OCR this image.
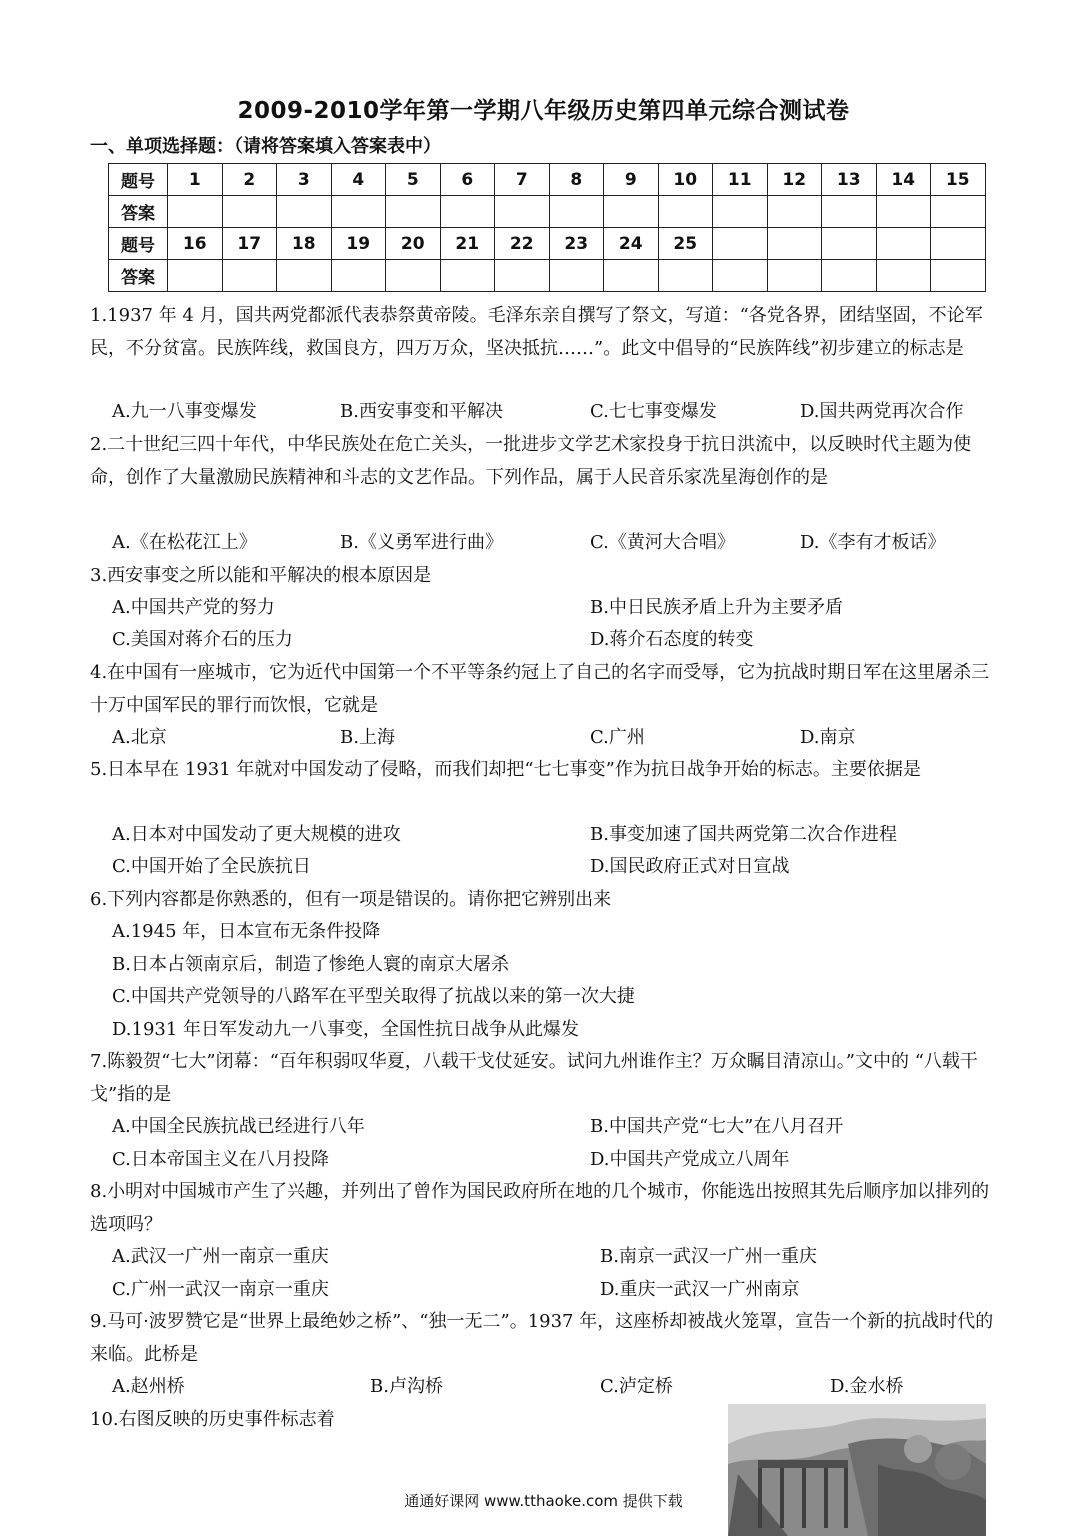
2009-2010学年第一学期八年级历史第四单元综合测试卷
一、单项选择题：（请将答案填入答案表中）
题号	1	2	3	4	5	6	7	8	9	10	11	12	13	14	15
答案															
题号	16	17	18	19	20	21	22	23	24	25					
答案															
1.1937 年 4 月，国共两党都派代表恭祭黄帝陵。毛泽东亲自撰写了祭文，写道：“各党各界，团结坚固，不论军民，不分贫富。民族阵线，救国良方，四万万众，坚决抵抗……”。此文中倡导的“民族阵线”初步建立的标志是
A.九一八事变爆发	B.西安事变和平解决	C.七七事变爆发	D.国共两党再次合作
2.二十世纪三四十年代，中华民族处在危亡关头，一批进步文学艺术家投身于抗日洪流中，以反映时代主题为使命，创作了大量激励民族精神和斗志的文艺作品。下列作品，属于人民音乐家冼星海创作的是
A.《在松花江上》	B.《义勇军进行曲》	C.《黄河大合唱》	D.《李有才板话》
3.西安事变之所以能和平解决的根本原因是
A.中国共产党的努力	B.中日民族矛盾上升为主要矛盾
C.美国对蒋介石的压力	D.蒋介石态度的转变
4.在中国有一座城市，它为近代中国第一个不平等条约冠上了自己的名字而受辱，它为抗战时期日军在这里屠杀三十万中国军民的罪行而饮恨，它就是
A.北京	B.上海	C.广州	D.南京
5.日本早在 1931 年就对中国发动了侵略，而我们却把“七七事变”作为抗日战争开始的标志。主要依据是
A.日本对中国发动了更大规模的进攻	B.事变加速了国共两党第二次合作进程
C.中国开始了全民族抗日	D.国民政府正式对日宣战
6.下列内容都是你熟悉的，但有一项是错误的。请你把它辨别出来
A.1945 年，日本宣布无条件投降
B.日本占领南京后，制造了惨绝人寰的南京大屠杀
C.中国共产党领导的八路军在平型关取得了抗战以来的第一次大捷
D.1931 年日军发动九一八事变，全国性抗日战争从此爆发
7.陈毅贺“七大”闭幕：“百年积弱叹华夏，八载干戈仗延安。试问九州谁作主？万众瞩目清凉山。”文中的 “八载干戈”指的是
A.中国全民族抗战已经进行八年	B.中国共产党“七大”在八月召开
C.日本帝国主义在八月投降	D.中国共产党成立八周年
8.小明对中国城市产生了兴趣，并列出了曾作为国民政府所在地的几个城市，你能选出按照其先后顺序加以排列的选项吗？
A.武汉一广州一南京一重庆	B.南京一武汉一广州一重庆
C.广州一武汉一南京一重庆	D.重庆一武汉一广州南京
9.马可·波罗赞它是“世界上最绝妙之桥”、“独一无二”。1937 年，这座桥却被战火笼罩，宣告一个新的抗战时代的来临。此桥是
A.赵州桥	B.卢沟桥	C.泸定桥	D.金水桥
10.右图反映的历史事件标志着
通通好课网 www.tthaoke.com 提供下载
